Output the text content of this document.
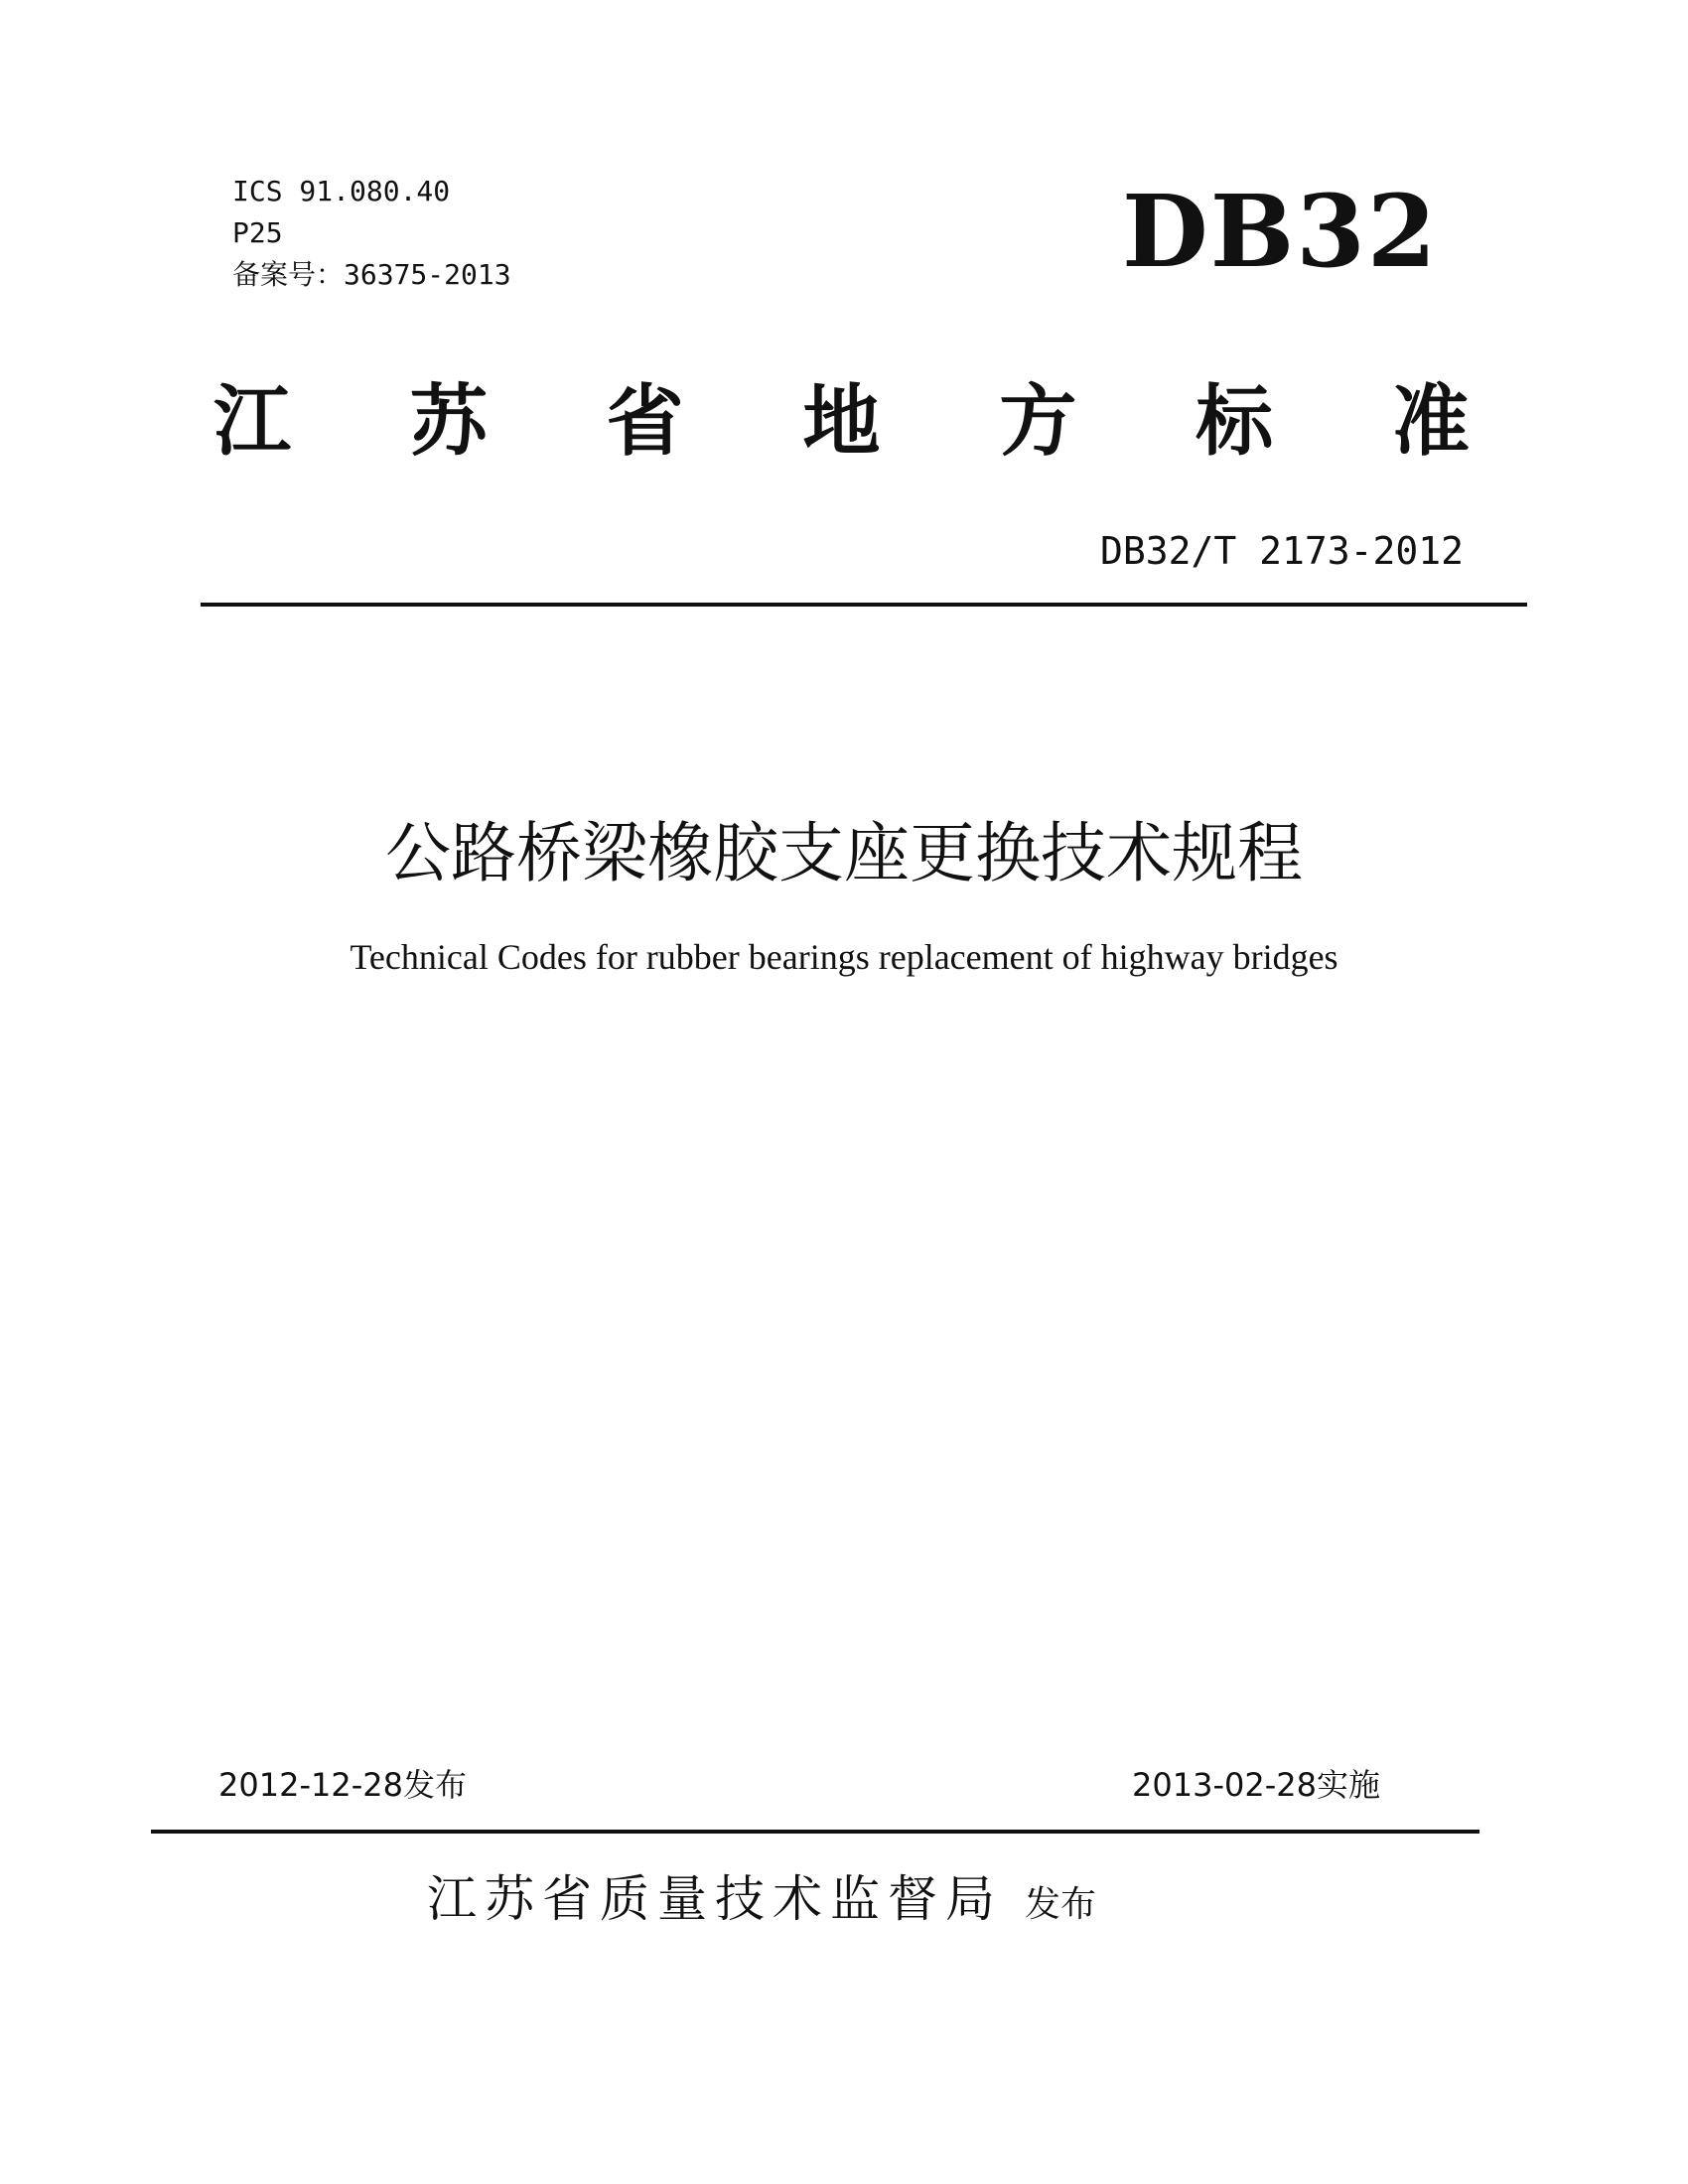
ICS 91.080.40
P25
备案号：36375-2013	DB32
江 苏 省 地 方 标 准
DB32/T 2173-2012
公路桥梁橡胶支座更换技术规程
Technical Codes for rubber bearings replacement of highway bridges
2012-12-28发布	2013-02-28实施
江苏省质量技术监督局 发布
